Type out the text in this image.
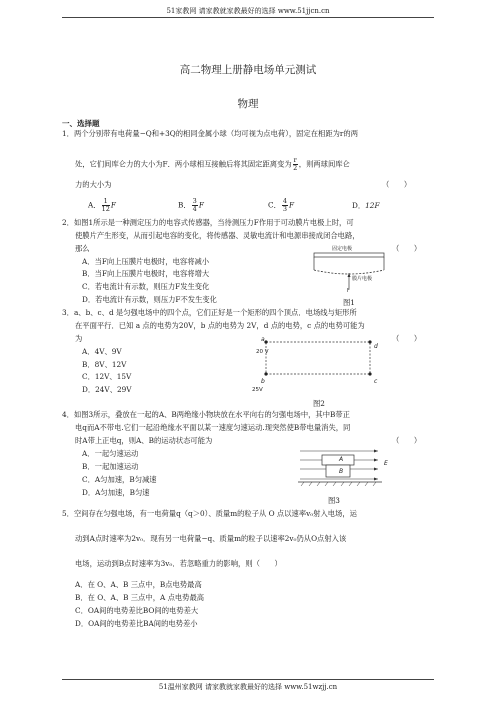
51家教网 请家教就家教最好的选择 www.51jjcn.cn
51温州家教网 请家教就家教最好的选择 www.51wzjj.cn
高二物理上册静电场单元测试
物理
一、选择题
1．两个分别带有电荷量−Q和+3Q的相同金属小球（均可视为点电荷），固定在相距为r的两
处，它们间库仑力的大小为F．两小球相互接触后将其固定距离变为 $\frac{r}{2}$ ，则两球间库仑
力的大小为	（　　）
A． $\frac{1}{12}$ F	B． $\frac{3}{4}$ F	C． $\frac{4}{3}$ F	D．12F
2．如图1所示是一种测定压力的电容式传感器，当待测压力F作用于可动膜片电极上时，可
使膜片产生形变，从而引起电容的变化，将传感器、灵敏电流计和电源串接成闭合电路，
那么	（　　）
A．当F向上压膜片电极时，电容将减小
B．当F向上压膜片电极时，电容将增大
C．若电流计有示数，则压力F发生变化
D．若电流计有示数，则压力F不发生变化
固定电极
膜片电极
F
图1
3．a、b、c、d 是匀强电场中的四个点，它们正好是一个矩形的四个顶点．电场线与矩形所
在平面平行．已知 a 点的电势为20V，b 点的电势为 2V，d 点的电势，c 点的电势可能为
为	（　　）
A．4V、9V
B．8V、12V
C．12V、15V
D．24V、29V
a
d
20 V
b	c
25V
图2
4．如图3所示，叠放在一起的A、B两绝缘小物块放在水平向右的匀强电场中，其中B带正
电q而A不带电.它们一起沿绝缘水平面以某一速度匀速运动.现突然使B带电量消失，同
时A带上正电q，则A、B的运动状态可能为	（　　）
A．一起匀速运动
B．一起加速运动
C．A匀加速，B匀减速
D．A匀加速，B匀速
A
B
E
图3
5．空间存在匀强电场，有一电荷量q（q＞0）、质量m的粒子从 O 点以速率v₀射入电场，运
动到A点时速率为2v₀．现有另一电荷量−q、质量m的粒子以速率2v₀仍从O点射入该
电场，运动到B点时速率为3v₀．若忽略重力的影响，则（　　）
A．在 O、A、B 三点中，B点电势最高
B．在 O、A、B 三点中，A 点电势最高
C．OA间的电势差比BO间的电势差大
D．OA间的电势差比BA间的电势差小
